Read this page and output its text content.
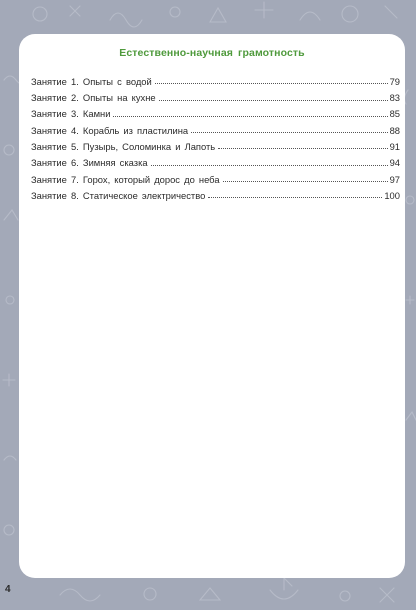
Естественно-научная грамотность
Занятие 1. Опыты с водой	79
Занятие 2. Опыты на кухне	83
Занятие 3. Камни	85
Занятие 4. Корабль из пластилина	88
Занятие 5. Пузырь, Соломинка и Лапоть	91
Занятие 6. Зимняя сказка	94
Занятие 7. Горох, который дорос до неба	97
Занятие 8. Статическое электричество	100
4
